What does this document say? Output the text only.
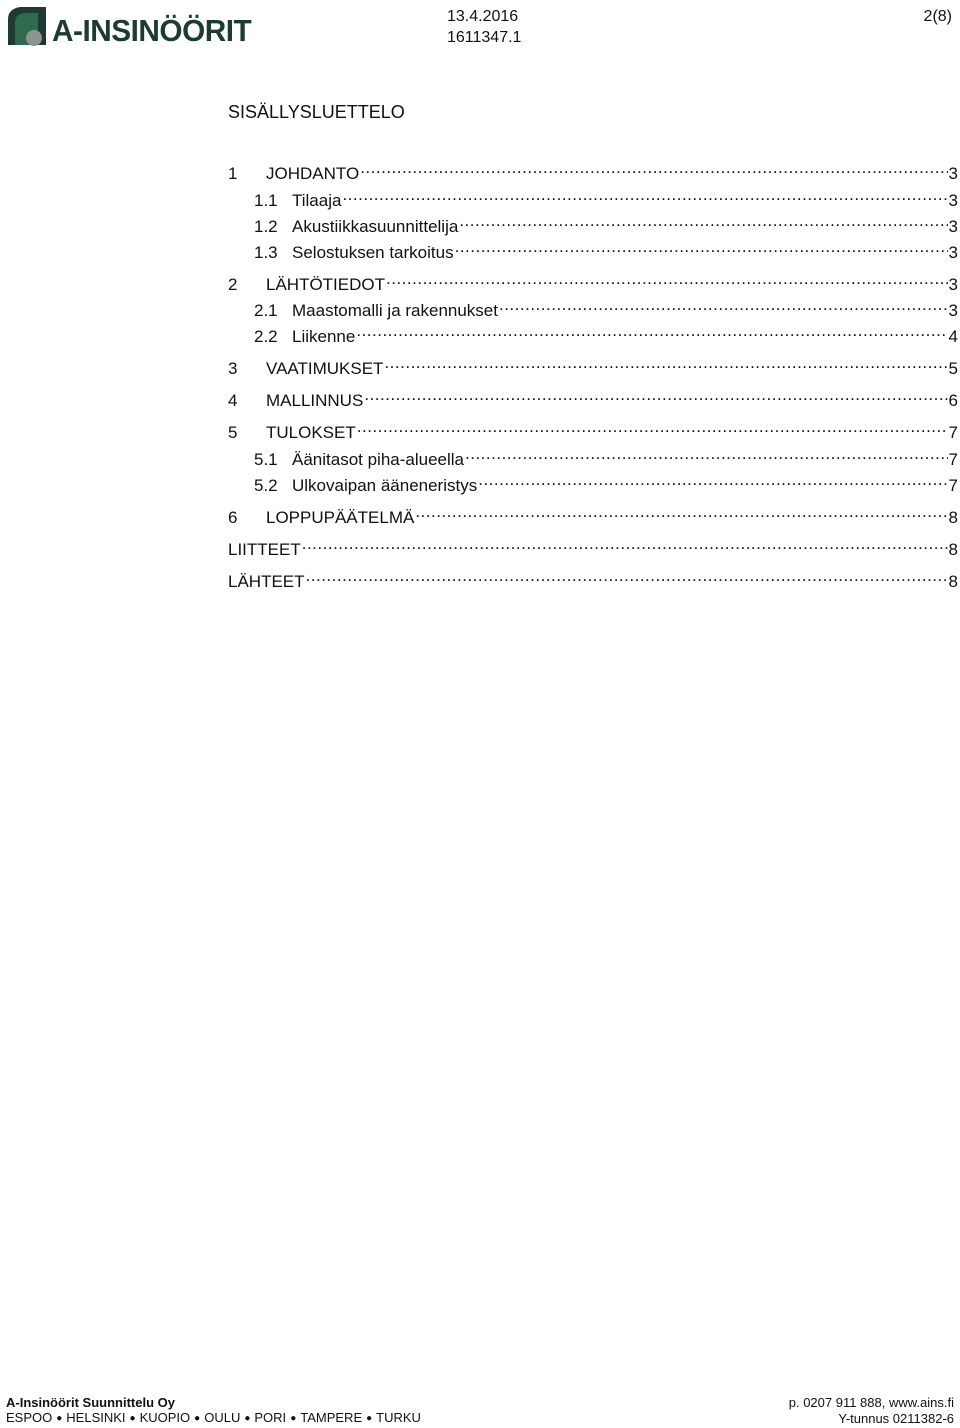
A-INSINÖÖRIT	13.4.2016
1611347.1
2(8)
SISÄLLYSLUETTELO
1	JOHDANTO .....	3
1.1 Tilaaja .....	3
1.2 Akustiikkasuunnittelija .....	3
1.3 Selostuksen tarkoitus .....	3
2	LÄHTÖTIEDOT .....	3
2.1 Maastomalli ja rakennukset .....	3
2.2 Liikenne .....	4
3	VAATIMUKSET .....	5
4	MALLINNUS .....	6
5	TULOKSET .....	7
5.1 Äänitasot piha-alueella .....	7
5.2 Ulkovaipan ääneneristys .....	7
6	LOPPUPÄÄTELMÄ .....	8
LIITTEET .....	8
LÄHTEET .....	8
A-Insinöörit Suunnittelu Oy
ESPOO ● HELSINKI ● KUOPIO ● OULU ● PORI ● TAMPERE ● TURKU
p. 0207 911 888, www.ains.fi
Y-tunnus 0211382-6
